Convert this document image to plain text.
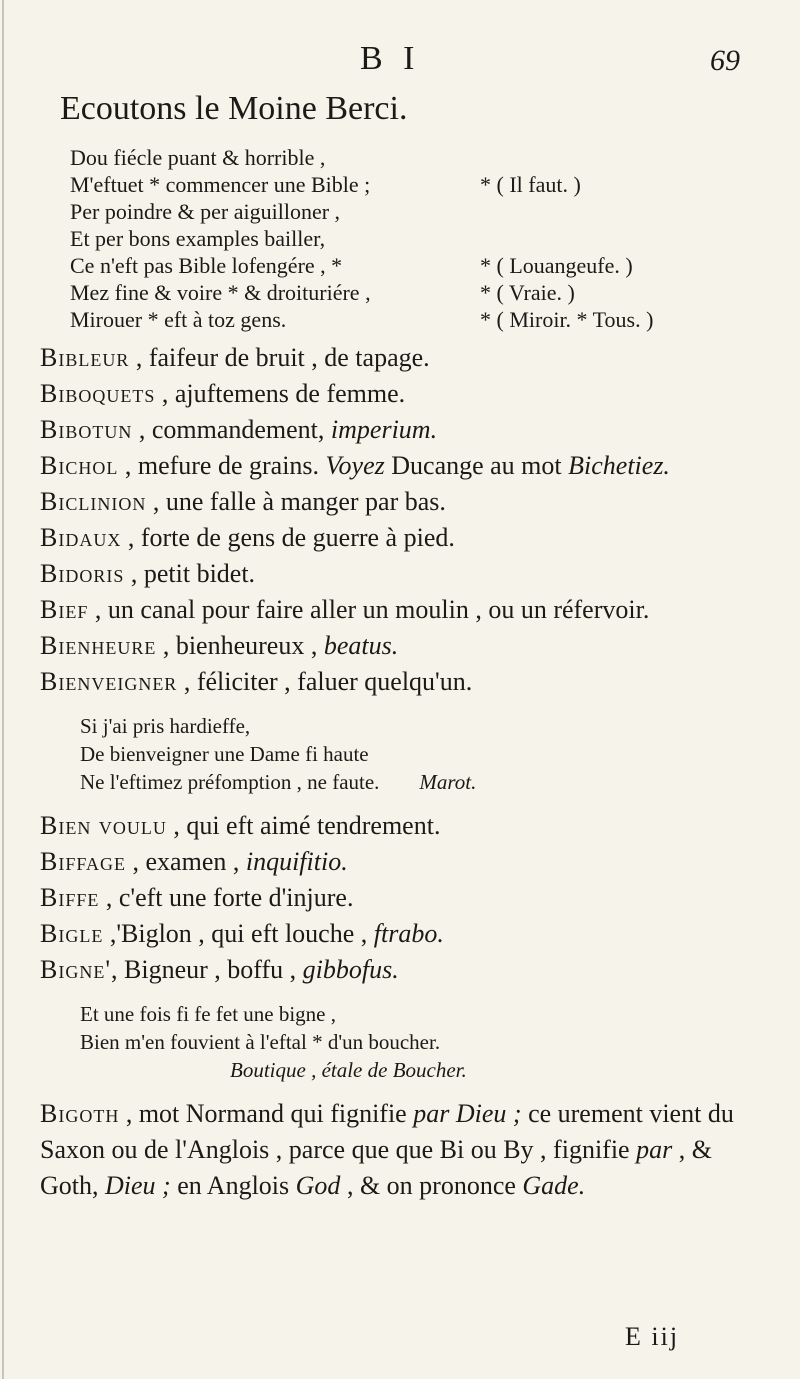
B I	69
Ecoutons le Moine Berci.
Dou fiécle puant & horrible ,
M'eftuet * commencer une Bible ;	* ( Il faut. )
Per poindre & per aiguilloner ,
Et per bons examples bailler,
Ce n'eft pas Bible lofengére , *	* ( Louangeufe. )
Mez fine & voire * & droituriére ,	* ( Vraie. )
Mirouer * eft à toz gens.	* ( Miroir. * Tous. )

Bibleur , faifeur de bruit , de tapage.

Biboquets , ajuftemens de femme.

Bibotun , commandement, imperium.

Bichol , mefure de grains. Voyez Ducange au mot Bichetiez.

Biclinion , une falle à manger par bas.

Bidaux , forte de gens de guerre à pied.

Bidoris , petit bidet.

Bief , un canal pour faire aller un moulin , ou un réfervoir.

Bienheure , bienheureux , beatus.

Bienveigner , féliciter , faluer quelqu'un.

Si j'ai pris hardieffe,
De bienveigner une Dame fi haute
Ne l'eftimez préfomption , ne faute. Marot.

Bien voulu , qui eft aimé tendrement.

Biffage , examen , inquifitio.

Biffe , c'eft une forte d'injure.

Bigle ,'Biglon , qui eft louche , ftrabo.

Bigne', Bigneur , boffu , gibbofus.

Et une fois fi fe fet une bigne ,
Bien m'en fouvient à l'eftal * d'un boucher.
Boutique , étale de Boucher.

Bigoth , mot Normand qui fignifie par Dieu ; ce urement vient du Saxon ou de l'Anglois , parce que que Bi ou By , fignifie par , & Goth, Dieu ; en Anglois God , & on prononce Gade.

E iij
